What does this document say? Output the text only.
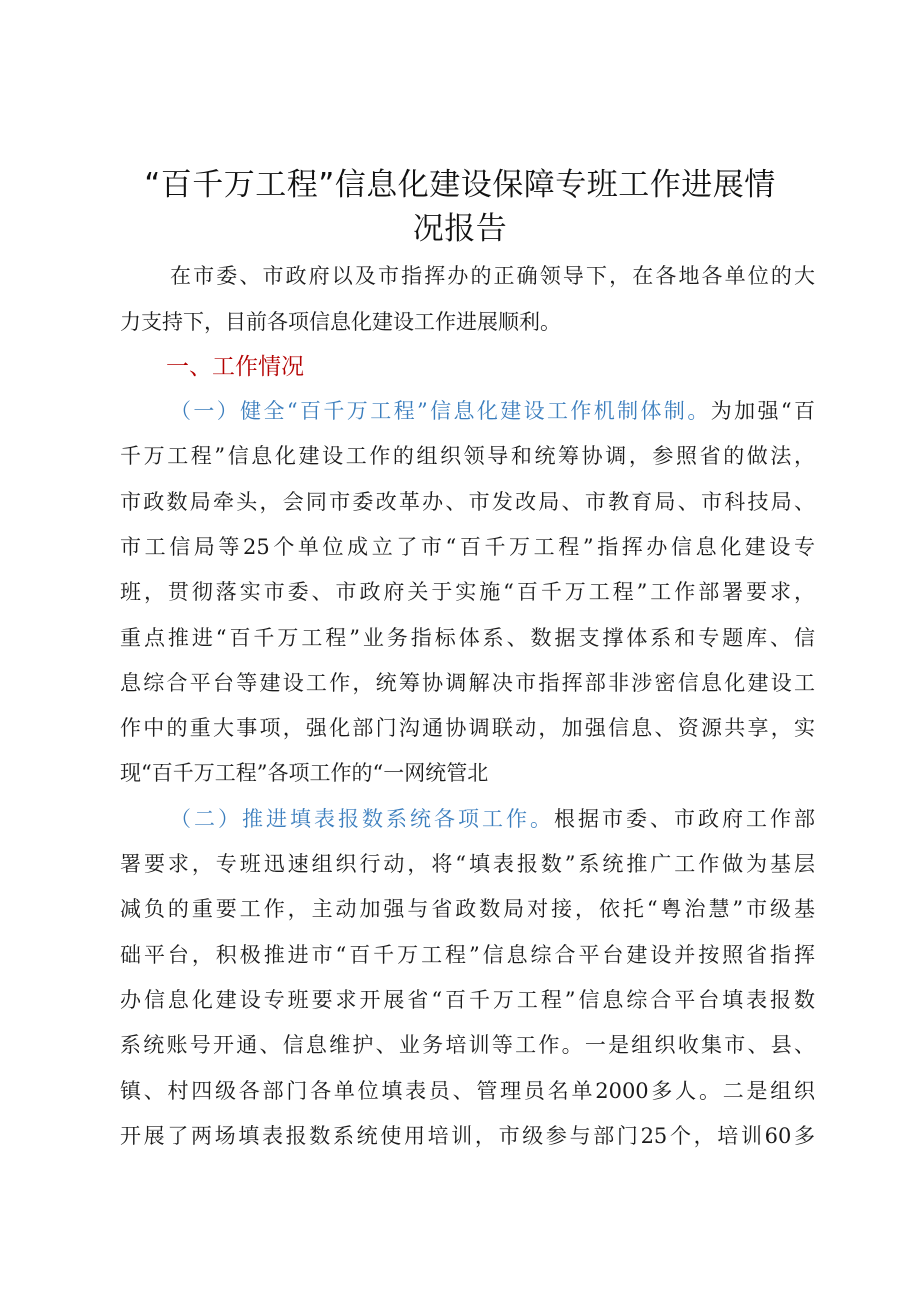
“百千万工程”信息化建设保障专班工作进展情
况报告
在市委、市政府以及市指挥办的正确领导下，在各地各单位的大
力支持下，目前各项信息化建设工作进展顺利。
一、工作情况
（一）健全“百千万工程”信息化建设工作机制体制。为加强“百
千万工程”信息化建设工作的组织领导和统筹协调，参照省的做法，
市政数局牵头，会同市委改革办、市发改局、市教育局、市科技局、
市工信局等25个单位成立了市“百千万工程”指挥办信息化建设专
班，贯彻落实市委、市政府关于实施“百千万工程”工作部署要求，
重点推进“百千万工程”业务指标体系、数据支撑体系和专题库、信
息综合平台等建设工作，统筹协调解决市指挥部非涉密信息化建设工
作中的重大事项，强化部门沟通协调联动，加强信息、资源共享，实
现“百千万工程”各项工作的“一网统管北
（二）推进填表报数系统各项工作。根据市委、市政府工作部
署要求，专班迅速组织行动，将“填表报数”系统推广工作做为基层
减负的重要工作，主动加强与省政数局对接，依托“粤治慧”市级基
础平台，积极推进市“百千万工程”信息综合平台建设并按照省指挥
办信息化建设专班要求开展省“百千万工程”信息综合平台填表报数
系统账号开通、信息维护、业务培训等工作。一是组织收集市、县、
镇、村四级各部门各单位填表员、管理员名单2000多人。二是组织
开展了两场填表报数系统使用培训，市级参与部门25个，培训60多
